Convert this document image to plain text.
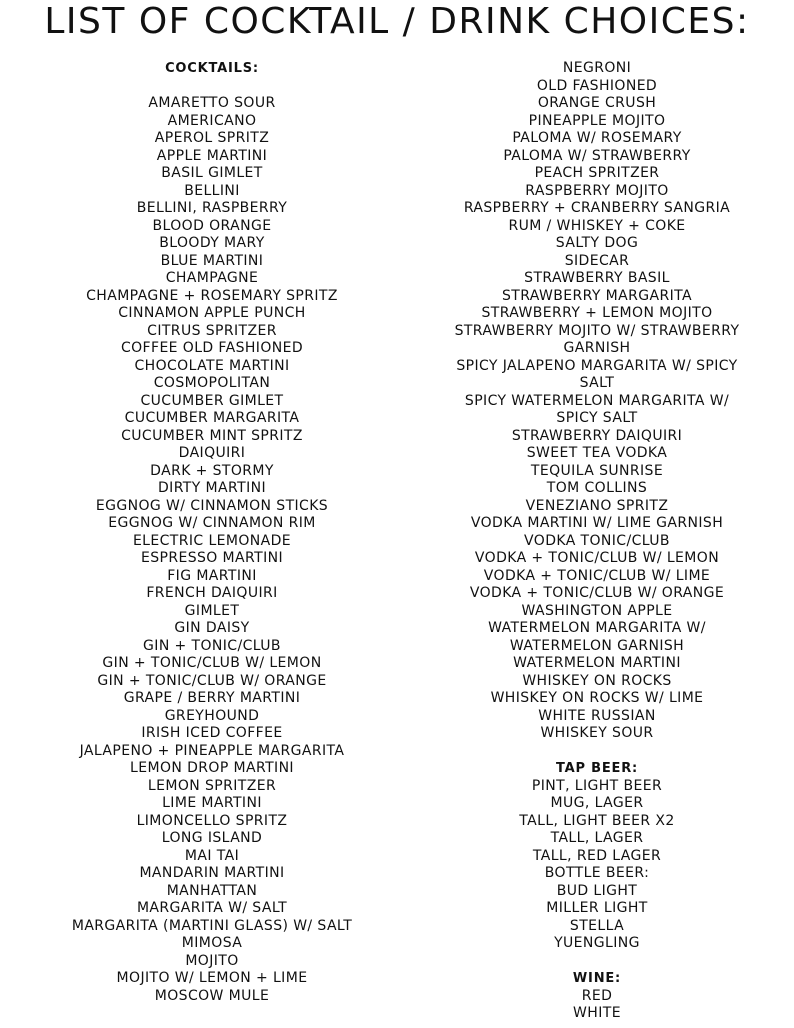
LIST OF COCKTAIL / DRINK CHOICES:
COCKTAILS:
AMARETTO SOUR
AMERICANO
APEROL SPRITZ
APPLE MARTINI
BASIL GIMLET
BELLINI
BELLINI, RASPBERRY
BLOOD ORANGE
BLOODY MARY
BLUE MARTINI
CHAMPAGNE
CHAMPAGNE + ROSEMARY SPRITZ
CINNAMON APPLE PUNCH
CITRUS SPRITZER
COFFEE OLD FASHIONED
CHOCOLATE MARTINI
COSMOPOLITAN
CUCUMBER GIMLET
CUCUMBER MARGARITA
CUCUMBER MINT SPRITZ
DAIQUIRI
DARK + STORMY
DIRTY MARTINI
EGGNOG W/ CINNAMON STICKS
EGGNOG W/ CINNAMON RIM
ELECTRIC LEMONADE
ESPRESSO MARTINI
FIG MARTINI
FRENCH DAIQUIRI
GIMLET
GIN DAISY
GIN + TONIC/CLUB
GIN + TONIC/CLUB W/ LEMON
GIN + TONIC/CLUB W/ ORANGE
GRAPE / BERRY MARTINI
GREYHOUND
IRISH ICED COFFEE
JALAPENO + PINEAPPLE MARGARITA
LEMON DROP MARTINI
LEMON SPRITZER
LIME MARTINI
LIMONCELLO SPRITZ
LONG ISLAND
MAI TAI
MANDARIN MARTINI
MANHATTAN
MARGARITA W/ SALT
MARGARITA (MARTINI GLASS) W/ SALT
MIMOSA
MOJITO
MOJITO W/ LEMON + LIME
MOSCOW MULE
NEGRONI
OLD FASHIONED
ORANGE CRUSH
PINEAPPLE MOJITO
PALOMA W/ ROSEMARY
PALOMA W/ STRAWBERRY
PEACH SPRITZER
RASPBERRY MOJITO
RASPBERRY + CRANBERRY SANGRIA
RUM / WHISKEY + COKE
SALTY DOG
SIDECAR
STRAWBERRY BASIL
STRAWBERRY MARGARITA
STRAWBERRY + LEMON MOJITO
STRAWBERRY MOJITO W/ STRAWBERRY
GARNISH
SPICY JALAPENO MARGARITA W/ SPICY
SALT
SPICY WATERMELON MARGARITA W/
SPICY SALT
STRAWBERRY DAIQUIRI
SWEET TEA VODKA
TEQUILA SUNRISE
TOM COLLINS
VENEZIANO SPRITZ
VODKA MARTINI W/ LIME GARNISH
VODKA TONIC/CLUB
VODKA + TONIC/CLUB W/ LEMON
VODKA + TONIC/CLUB W/ LIME
VODKA + TONIC/CLUB W/ ORANGE
WASHINGTON APPLE
WATERMELON MARGARITA W/
WATERMELON GARNISH
WATERMELON MARTINI
WHISKEY ON ROCKS
WHISKEY ON ROCKS W/ LIME
WHITE RUSSIAN
WHISKEY SOUR
TAP BEER:
PINT, LIGHT BEER
MUG, LAGER
TALL, LIGHT BEER X2
TALL, LAGER
TALL, RED LAGER
BOTTLE BEER:
BUD LIGHT
MILLER LIGHT
STELLA
YUENGLING
WINE:
RED
WHITE
